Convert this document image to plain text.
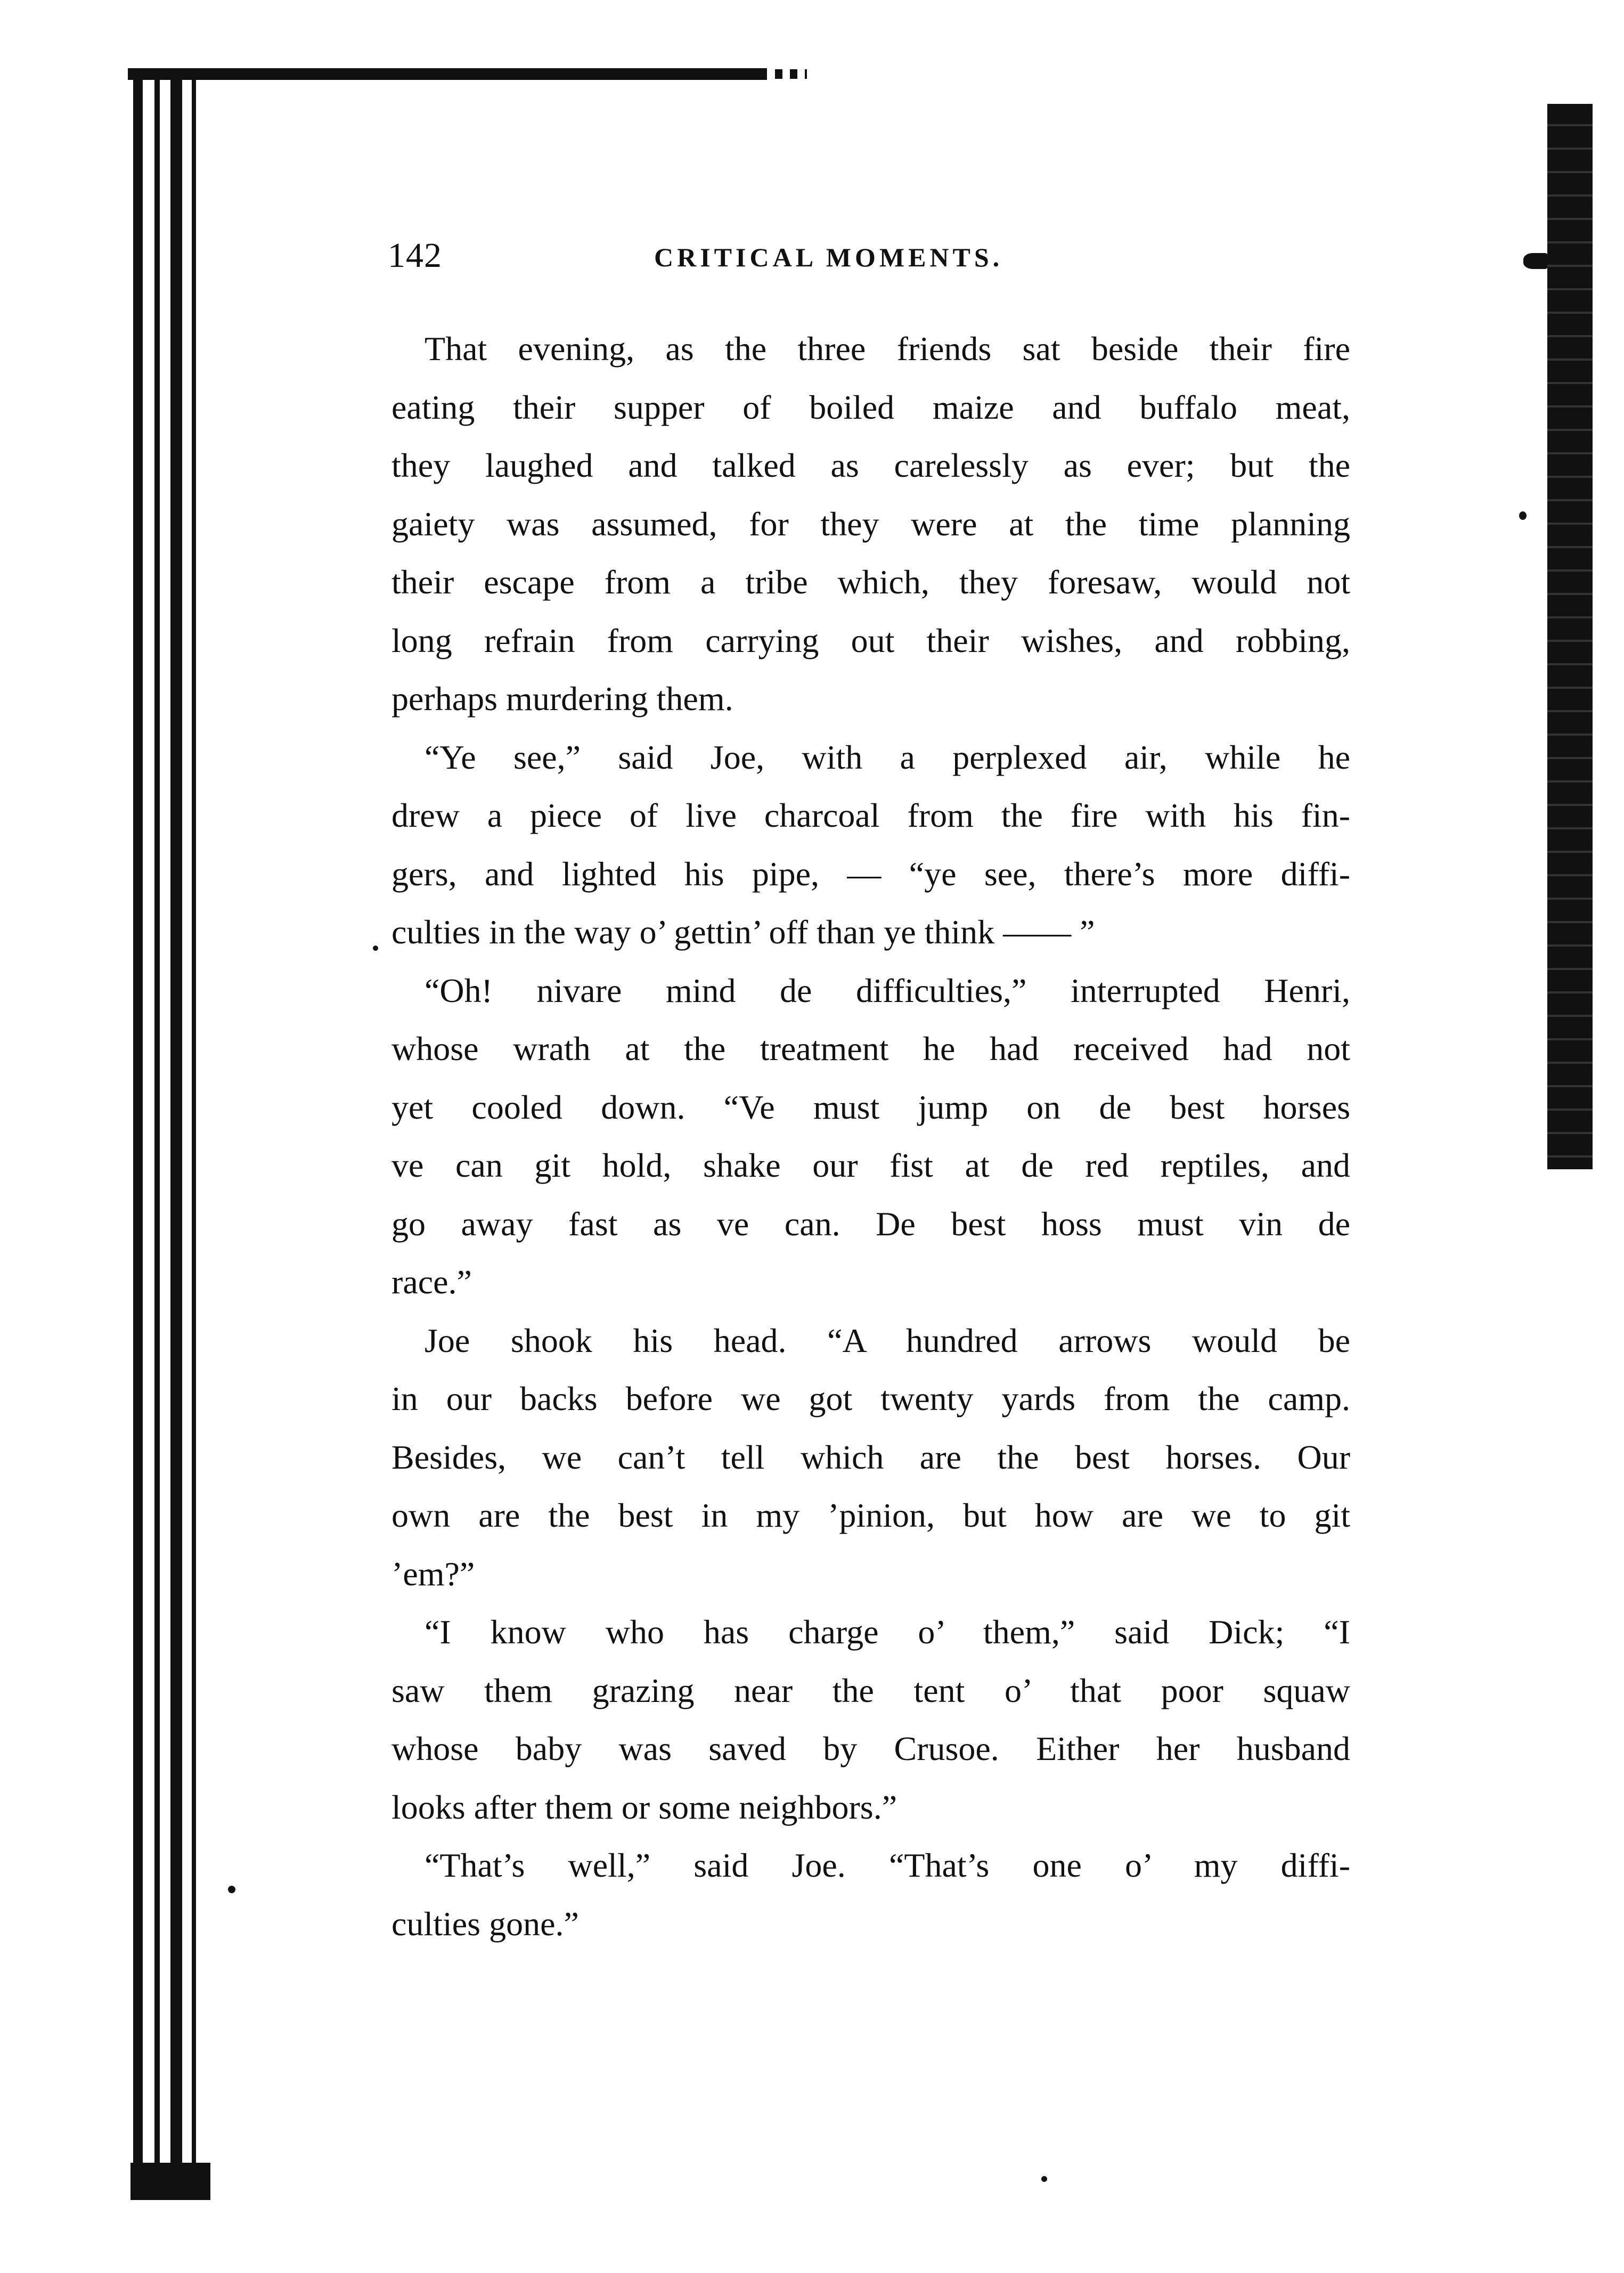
142	CRITICAL MOMENTS.
That evening, as the three friends sat beside their fire
eating their supper of boiled maize and buffalo meat,
they laughed and talked as carelessly as ever; but the
gaiety was assumed, for they were at the time planning
their escape from a tribe which, they foresaw, would not
long refrain from carrying out their wishes, and robbing,
perhaps murdering them.
“Ye see,” said Joe, with a perplexed air, while he
drew a piece of live charcoal from the fire with his fin-
gers, and lighted his pipe, — “ye see, there’s more diffi-
culties in the way o’ gettin’ off than ye think —— ”
“Oh! nivare mind de difficulties,” interrupted Henri,
whose wrath at the treatment he had received had not
yet cooled down. “Ve must jump on de best horses
ve can git hold, shake our fist at de red reptiles, and
go away fast as ve can. De best hoss must vin de
race.”
Joe shook his head. “A hundred arrows would be
in our backs before we got twenty yards from the camp.
Besides, we can’t tell which are the best horses. Our
own are the best in my ’pinion, but how are we to git
’em?”
“I know who has charge o’ them,” said Dick; “I
saw them grazing near the tent o’ that poor squaw
whose baby was saved by Crusoe. Either her husband
looks after them or some neighbors.”
“That’s well,” said Joe. “That’s one o’ my diffi-
culties gone.”
